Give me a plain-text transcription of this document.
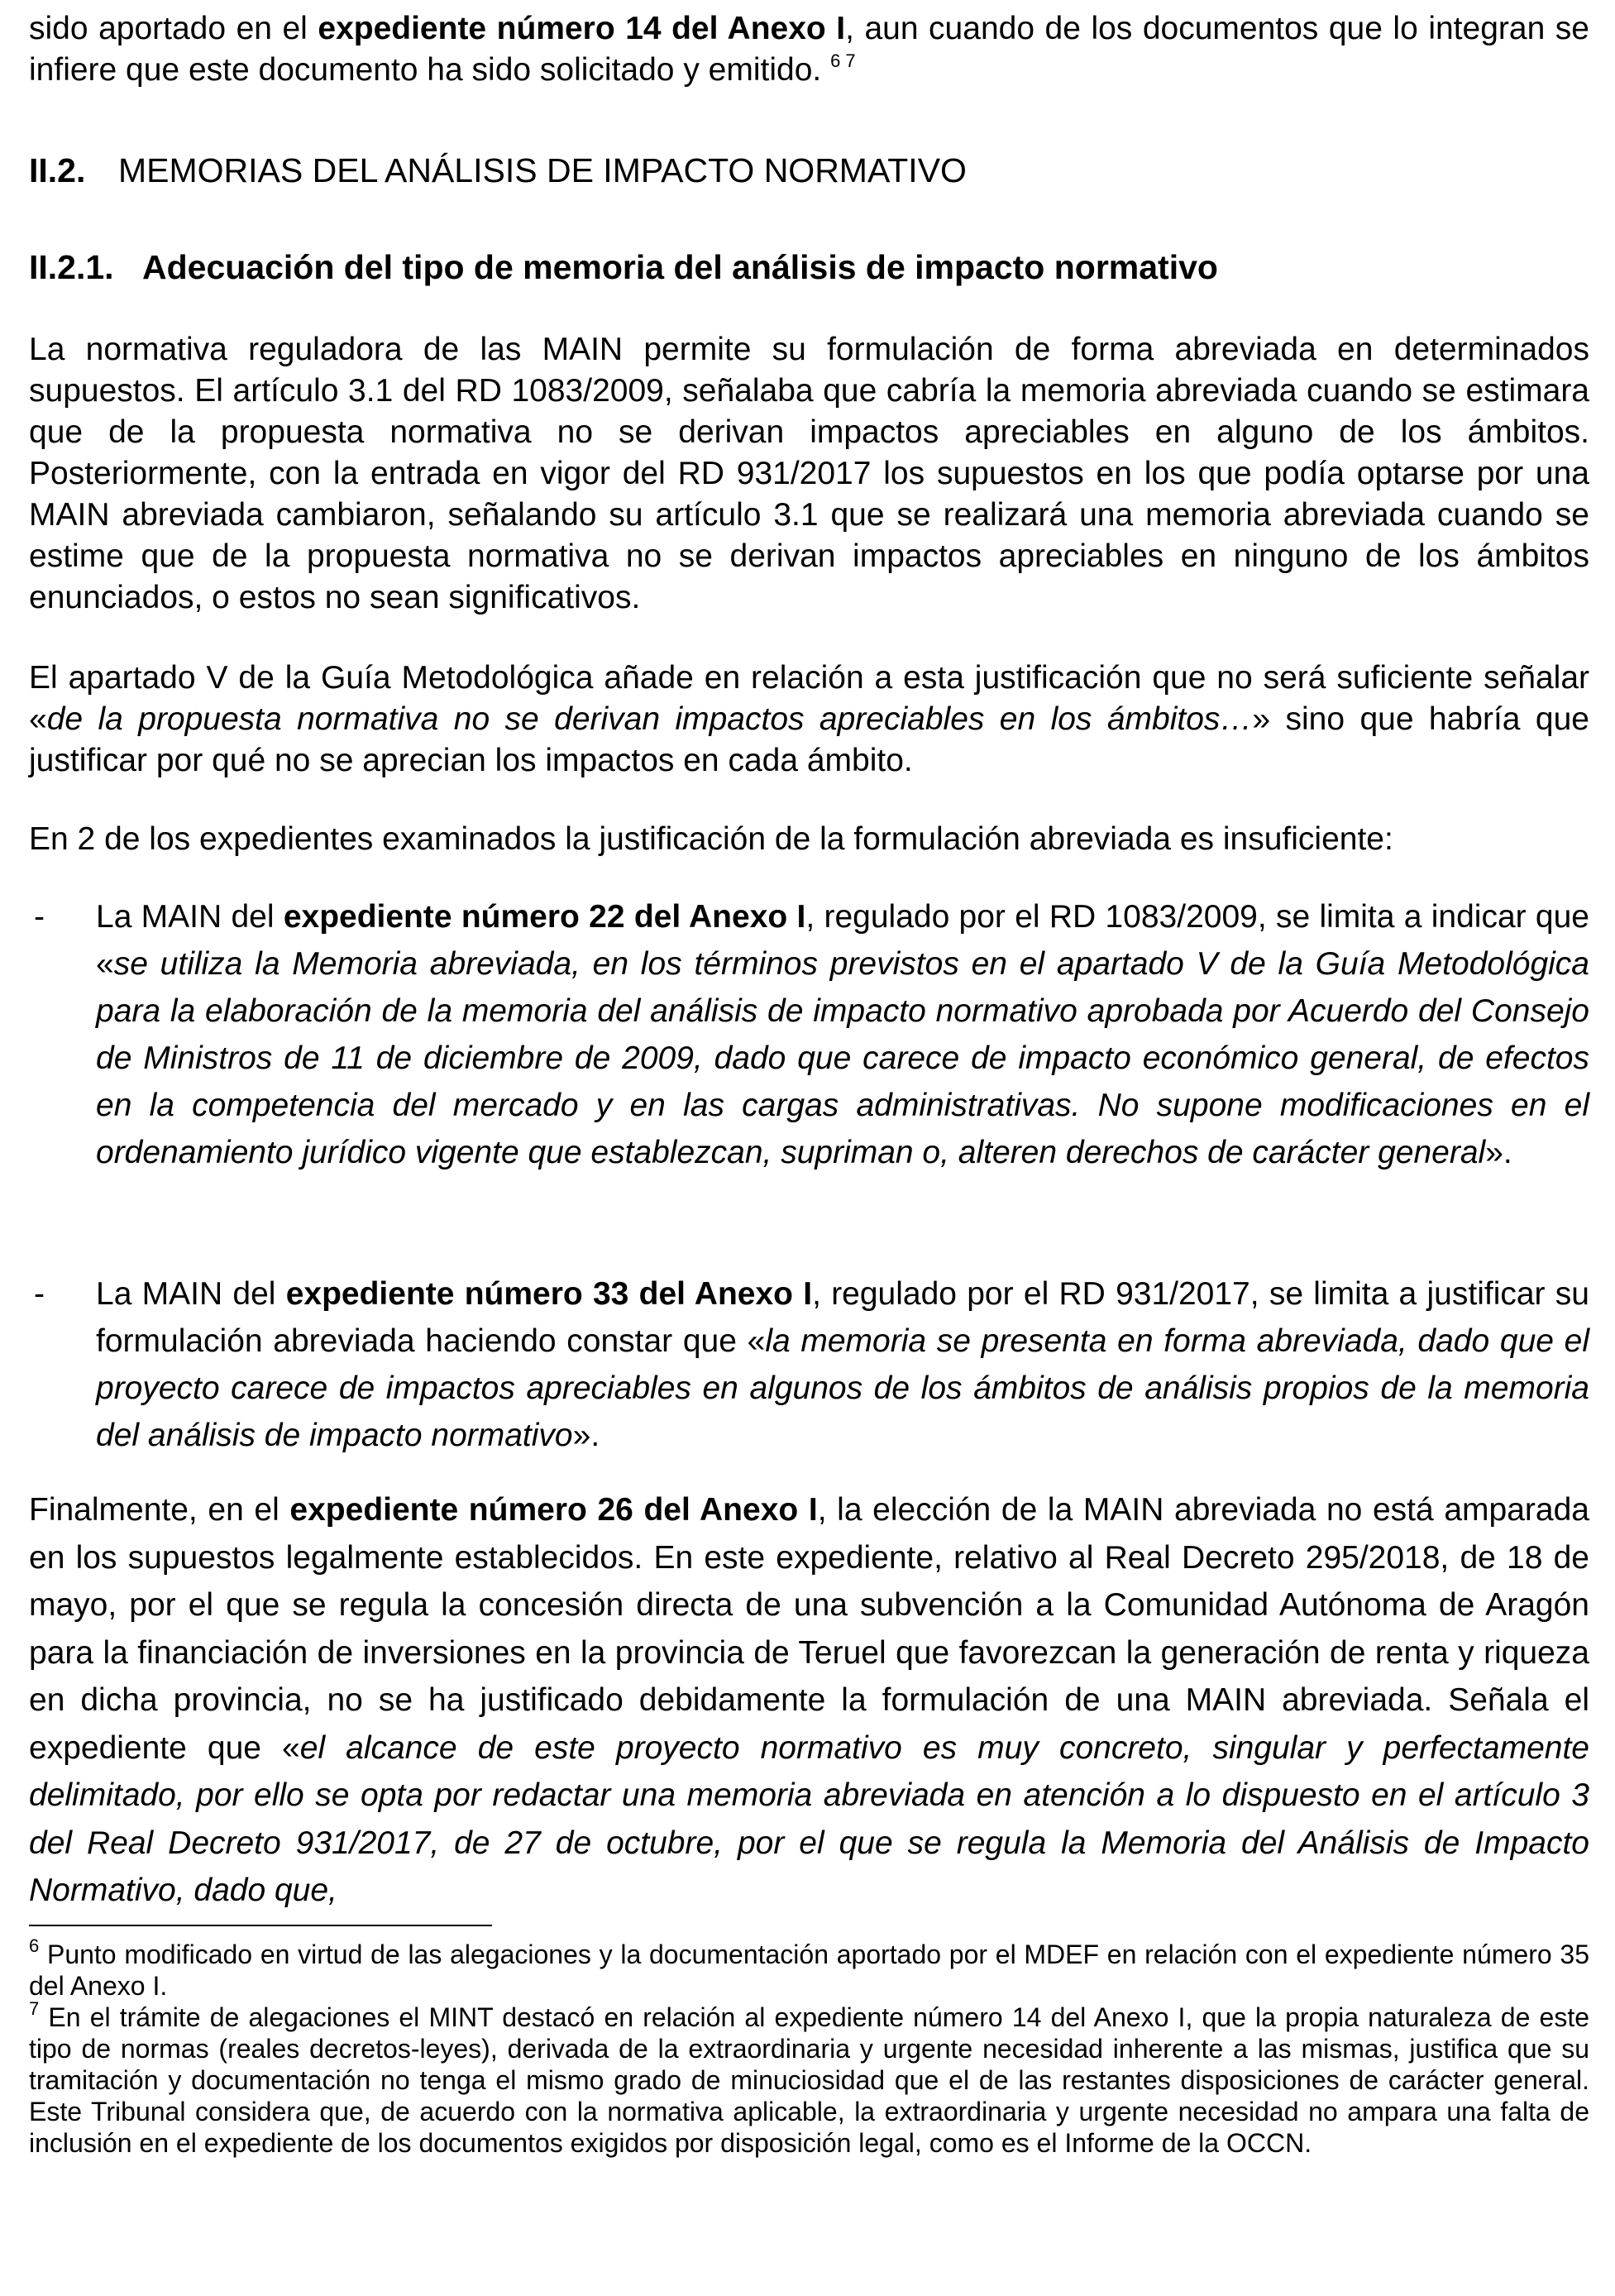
sido aportado en el expediente número 14 del Anexo I, aun cuando de los documentos que lo integran se infiere que este documento ha sido solicitado y emitido. $^{6 7}$

II.2. MEMORIAS DEL ANÁLISIS DE IMPACTO NORMATIVO
II.2.1. Adecuación del tipo de memoria del análisis de impacto normativo

La normativa reguladora de las MAIN permite su formulación de forma abreviada en determinados supuestos. El artículo 3.1 del RD 1083/2009, señalaba que cabría la memoria abreviada cuando se estimara que de la propuesta normativa no se derivan impactos apreciables en alguno de los ámbitos. Posteriormente, con la entrada en vigor del RD 931/2017 los supuestos en los que podía optarse por una MAIN abreviada cambiaron, señalando su artículo 3.1 que se realizará una memoria abreviada cuando se estime que de la propuesta normativa no se derivan impactos apreciables en ninguno de los ámbitos enunciados, o estos no sean significativos.

El apartado V de la Guía Metodológica añade en relación a esta justificación que no será suficiente señalar «de la propuesta normativa no se derivan impactos apreciables en los ámbitos…» sino que habría que justificar por qué no se aprecian los impactos en cada ámbito.

En 2 de los expedientes examinados la justificación de la formulación abreviada es insuficiente:

- La MAIN del expediente número 22 del Anexo I, regulado por el RD 1083/2009, se limita a indicar que «se utiliza la Memoria abreviada, en los términos previstos en el apartado V de la Guía Metodológica para la elaboración de la memoria del análisis de impacto normativo aprobada por Acuerdo del Consejo de Ministros de 11 de diciembre de 2009, dado que carece de impacto económico general, de efectos en la competencia del mercado y en las cargas administrativas. No supone modificaciones en el ordenamiento jurídico vigente que establezcan, supriman o, alteren derechos de carácter general».

- La MAIN del expediente número 33 del Anexo I, regulado por el RD 931/2017, se limita a justificar su formulación abreviada haciendo constar que «la memoria se presenta en forma abreviada, dado que el proyecto carece de impactos apreciables en algunos de los ámbitos de análisis propios de la memoria del análisis de impacto normativo».

Finalmente, en el expediente número 26 del Anexo I, la elección de la MAIN abreviada no está amparada en los supuestos legalmente establecidos. En este expediente, relativo al Real Decreto 295/2018, de 18 de mayo, por el que se regula la concesión directa de una subvención a la Comunidad Autónoma de Aragón para la financiación de inversiones en la provincia de Teruel que favorezcan la generación de renta y riqueza en dicha provincia, no se ha justificado debidamente la formulación de una MAIN abreviada. Señala el expediente que «el alcance de este proyecto normativo es muy concreto, singular y perfectamente delimitado, por ello se opta por redactar una memoria abreviada en atención a lo dispuesto en el artículo 3 del Real Decreto 931/2017, de 27 de octubre, por el que se regula la Memoria del Análisis de Impacto Normativo, dado que,

$^6$ Punto modificado en virtud de las alegaciones y la documentación aportado por el MDEF en relación con el expediente número 35 del Anexo I.
$^7$ En el trámite de alegaciones el MINT destacó en relación al expediente número 14 del Anexo I, que la propia naturaleza de este tipo de normas (reales decretos-leyes), derivada de la extraordinaria y urgente necesidad inherente a las mismas, justifica que su tramitación y documentación no tenga el mismo grado de minuciosidad que el de las restantes disposiciones de carácter general. Este Tribunal considera que, de acuerdo con la normativa aplicable, la extraordinaria y urgente necesidad no ampara una falta de inclusión en el expediente de los documentos exigidos por disposición legal, como es el Informe de la OCCN.
